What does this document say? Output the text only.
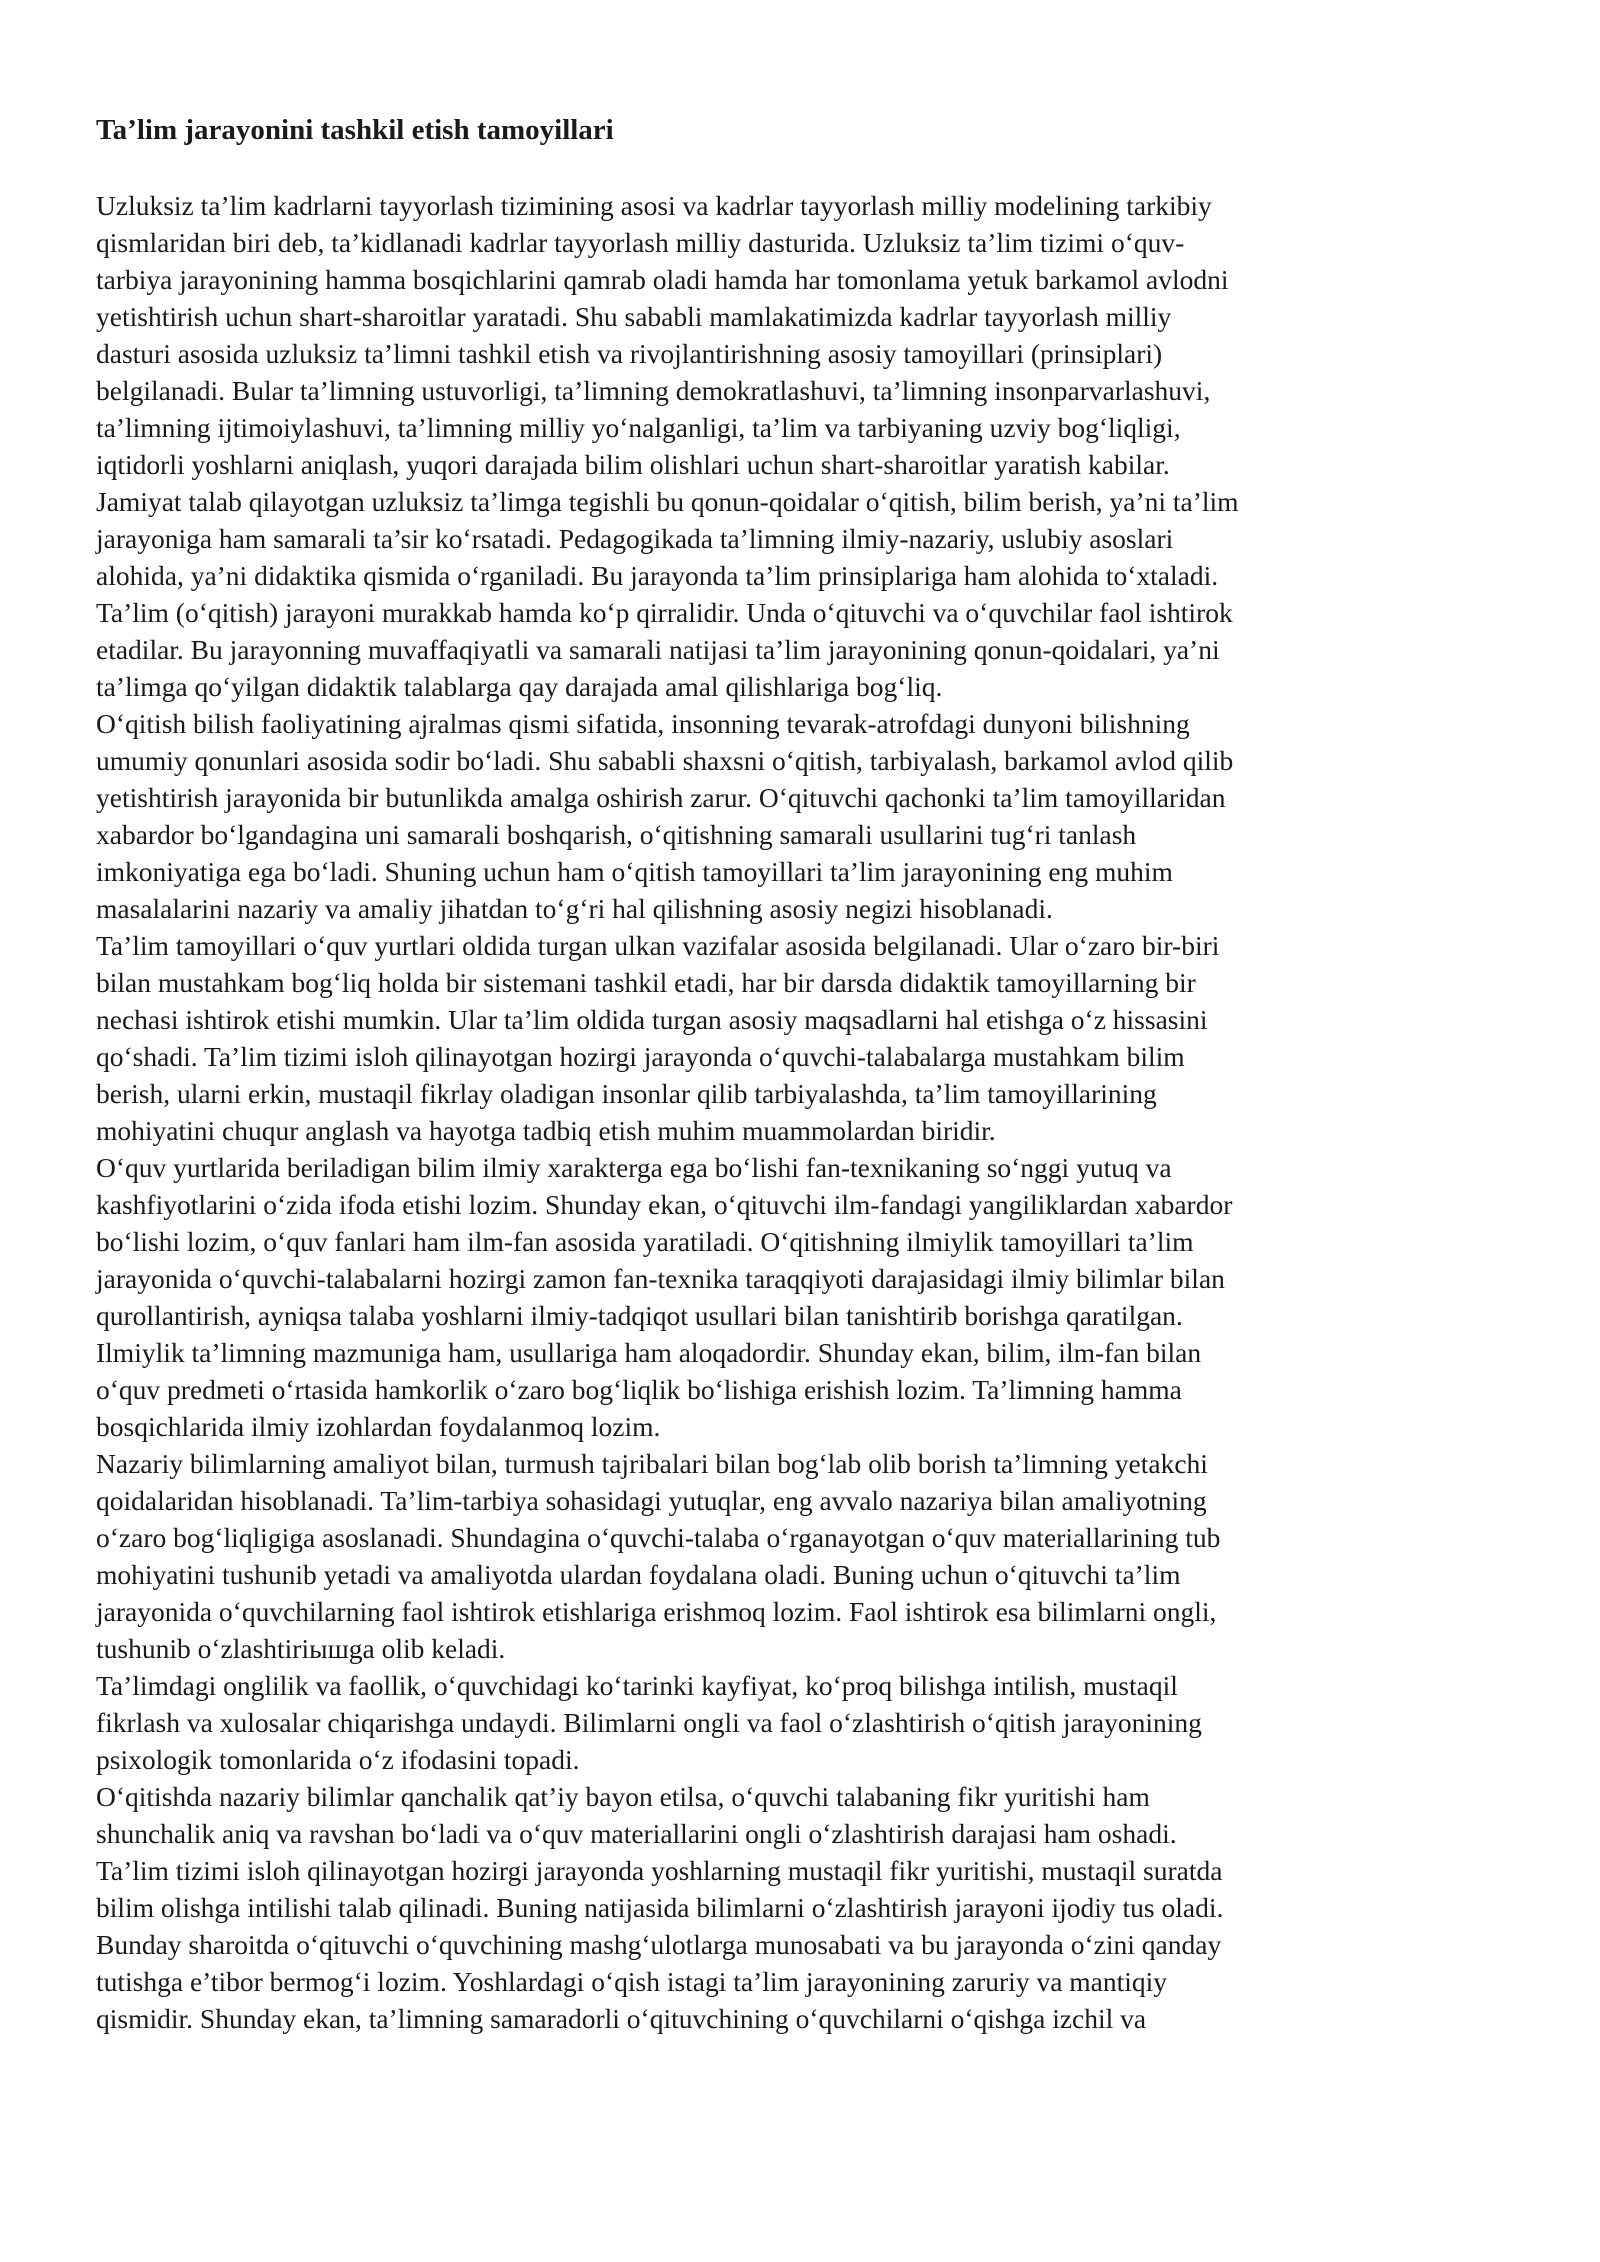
Ta’lim jarayonini tashkil etish tamoyillari
Uzluksiz ta’lim kadrlarni tayyorlash tizimining asosi va kadrlar tayyorlash milliy modelining tarkibiy
qismlaridan biri deb, ta’kidlanadi kadrlar tayyorlash milliy dasturida. Uzluksiz ta’lim tizimi o‘quv-
tarbiya jarayonining hamma bosqichlarini qamrab oladi hamda har tomonlama yetuk barkamol avlodni
yetishtirish uchun shart-sharoitlar yaratadi. Shu sababli mamlakatimizda kadrlar tayyorlash milliy
dasturi asosida uzluksiz ta’limni tashkil etish va rivojlantirishning asosiy tamoyillari (prinsiplari)
belgilanadi. Bular ta’limning ustuvorligi, ta’limning demokratlashuvi, ta’limning insonparvarlashuvi,
ta’limning ijtimoiylashuvi, ta’limning milliy yo‘nalganligi, ta’lim va tarbiyaning uzviy bog‘liqligi,
iqtidorli yoshlarni aniqlash, yuqori darajada bilim olishlari uchun shart-sharoitlar yaratish kabilar.
Jamiyat talab qilayotgan uzluksiz ta’limga tegishli bu qonun-qoidalar o‘qitish, bilim berish, ya’ni ta’lim
jarayoniga ham samarali ta’sir ko‘rsatadi. Pedagogikada ta’limning ilmiy-nazariy, uslubiy asoslari
alohida, ya’ni didaktika qismida o‘rganiladi. Bu jarayonda ta’lim prinsiplariga ham alohida to‘xtaladi.
Ta’lim (o‘qitish) jarayoni murakkab hamda ko‘p qirralidir. Unda o‘qituvchi va o‘quvchilar faol ishtirok
etadilar. Bu jarayonning muvaffaqiyatli va samarali natijasi ta’lim jarayonining qonun-qoidalari, ya’ni
ta’limga qo‘yilgan didaktik talablarga qay darajada amal qilishlariga bog‘liq.
O‘qitish bilish faoliyatining ajralmas qismi sifatida, insonning tevarak-atrofdagi dunyoni bilishning
umumiy qonunlari asosida sodir bo‘ladi. Shu sababli shaxsni o‘qitish, tarbiyalash, barkamol avlod qilib
yetishtirish jarayonida bir butunlikda amalga oshirish zarur. O‘qituvchi qachonki ta’lim tamoyillaridan
xabardor bo‘lgandagina uni samarali boshqarish, o‘qitishning samarali usullarini tug‘ri tanlash
imkoniyatiga ega bo‘ladi. Shuning uchun ham o‘qitish tamoyillari ta’lim jarayonining eng muhim
masalalarini nazariy va amaliy jihatdan to‘g‘ri hal qilishning asosiy negizi hisoblanadi.
Ta’lim tamoyillari o‘quv yurtlari oldida turgan ulkan vazifalar asosida belgilanadi. Ular o‘zaro bir-biri
bilan mustahkam bog‘liq holda bir sistemani tashkil etadi, har bir darsda didaktik tamoyillarning bir
nechasi ishtirok etishi mumkin. Ular ta’lim oldida turgan asosiy maqsadlarni hal etishga o‘z hissasini
qo‘shadi. Ta’lim tizimi isloh qilinayotgan hozirgi jarayonda o‘quvchi-talabalarga mustahkam bilim
berish, ularni erkin, mustaqil fikrlay oladigan insonlar qilib tarbiyalashda, ta’lim tamoyillarining
mohiyatini chuqur anglash va hayotga tadbiq etish muhim muammolardan biridir.
O‘quv yurtlarida beriladigan bilim ilmiy xarakterga ega bo‘lishi fan-texnikaning so‘nggi yutuq va
kashfiyotlarini o‘zida ifoda etishi lozim. Shunday ekan, o‘qituvchi ilm-fandagi yangiliklardan xabardor
bo‘lishi lozim, o‘quv fanlari ham ilm-fan asosida yaratiladi. O‘qitishning ilmiylik tamoyillari ta’lim
jarayonida o‘quvchi-talabalarni hozirgi zamon fan-texnika taraqqiyoti darajasidagi ilmiy bilimlar bilan
qurollantirish, ayniqsa talaba yoshlarni ilmiy-tadqiqot usullari bilan tanishtirib borishga qaratilgan.
Ilmiylik ta’limning mazmuniga ham, usullariga ham aloqadordir. Shunday ekan, bilim, ilm-fan bilan
o‘quv predmeti o‘rtasida hamkorlik o‘zaro bog‘liqlik bo‘lishiga erishish lozim. Ta’limning hamma
bosqichlarida ilmiy izohlardan foydalanmoq lozim.
Nazariy bilimlarning amaliyot bilan, turmush tajribalari bilan bog‘lab olib borish ta’limning yetakchi
qoidalaridan hisoblanadi. Ta’lim-tarbiya sohasidagi yutuqlar, eng avvalo nazariya bilan amaliyotning
o‘zaro bog‘liqligiga asoslanadi. Shundagina o‘quvchi-talaba o‘rganayotgan o‘quv materiallarining tub
mohiyatini tushunib yetadi va amaliyotda ulardan foydalana oladi. Buning uchun o‘qituvchi ta’lim
jarayonida o‘quvchilarning faol ishtirok etishlariga erishmoq lozim. Faol ishtirok esa bilimlarni ongli,
tushunib o‘zlashtiriышga olib keladi.
Ta’limdagi onglilik va faollik, o‘quvchidagi ko‘tarinki kayfiyat, ko‘proq bilishga intilish, mustaqil
fikrlash va xulosalar chiqarishga undaydi. Bilimlarni ongli va faol o‘zlashtirish o‘qitish jarayonining
psixologik tomonlarida o‘z ifodasini topadi.
O‘qitishda nazariy bilimlar qanchalik qat’iy bayon etilsa, o‘quvchi talabaning fikr yuritishi ham
shunchalik aniq va ravshan bo‘ladi va o‘quv materiallarini ongli o‘zlashtirish darajasi ham oshadi.
Ta’lim tizimi isloh qilinayotgan hozirgi jarayonda yoshlarning mustaqil fikr yuritishi, mustaqil suratda
bilim olishga intilishi talab qilinadi. Buning natijasida bilimlarni o‘zlashtirish jarayoni ijodiy tus oladi.
Bunday sharoitda o‘qituvchi o‘quvchining mashg‘ulotlarga munosabati va bu jarayonda o‘zini qanday
tutishga e’tibor bermog‘i lozim. Yoshlardagi o‘qish istagi ta’lim jarayonining zaruriy va mantiqiy
qismidir. Shunday ekan, ta’limning samaradorli o‘qituvchining o‘quvchilarni o‘qishga izchil va
